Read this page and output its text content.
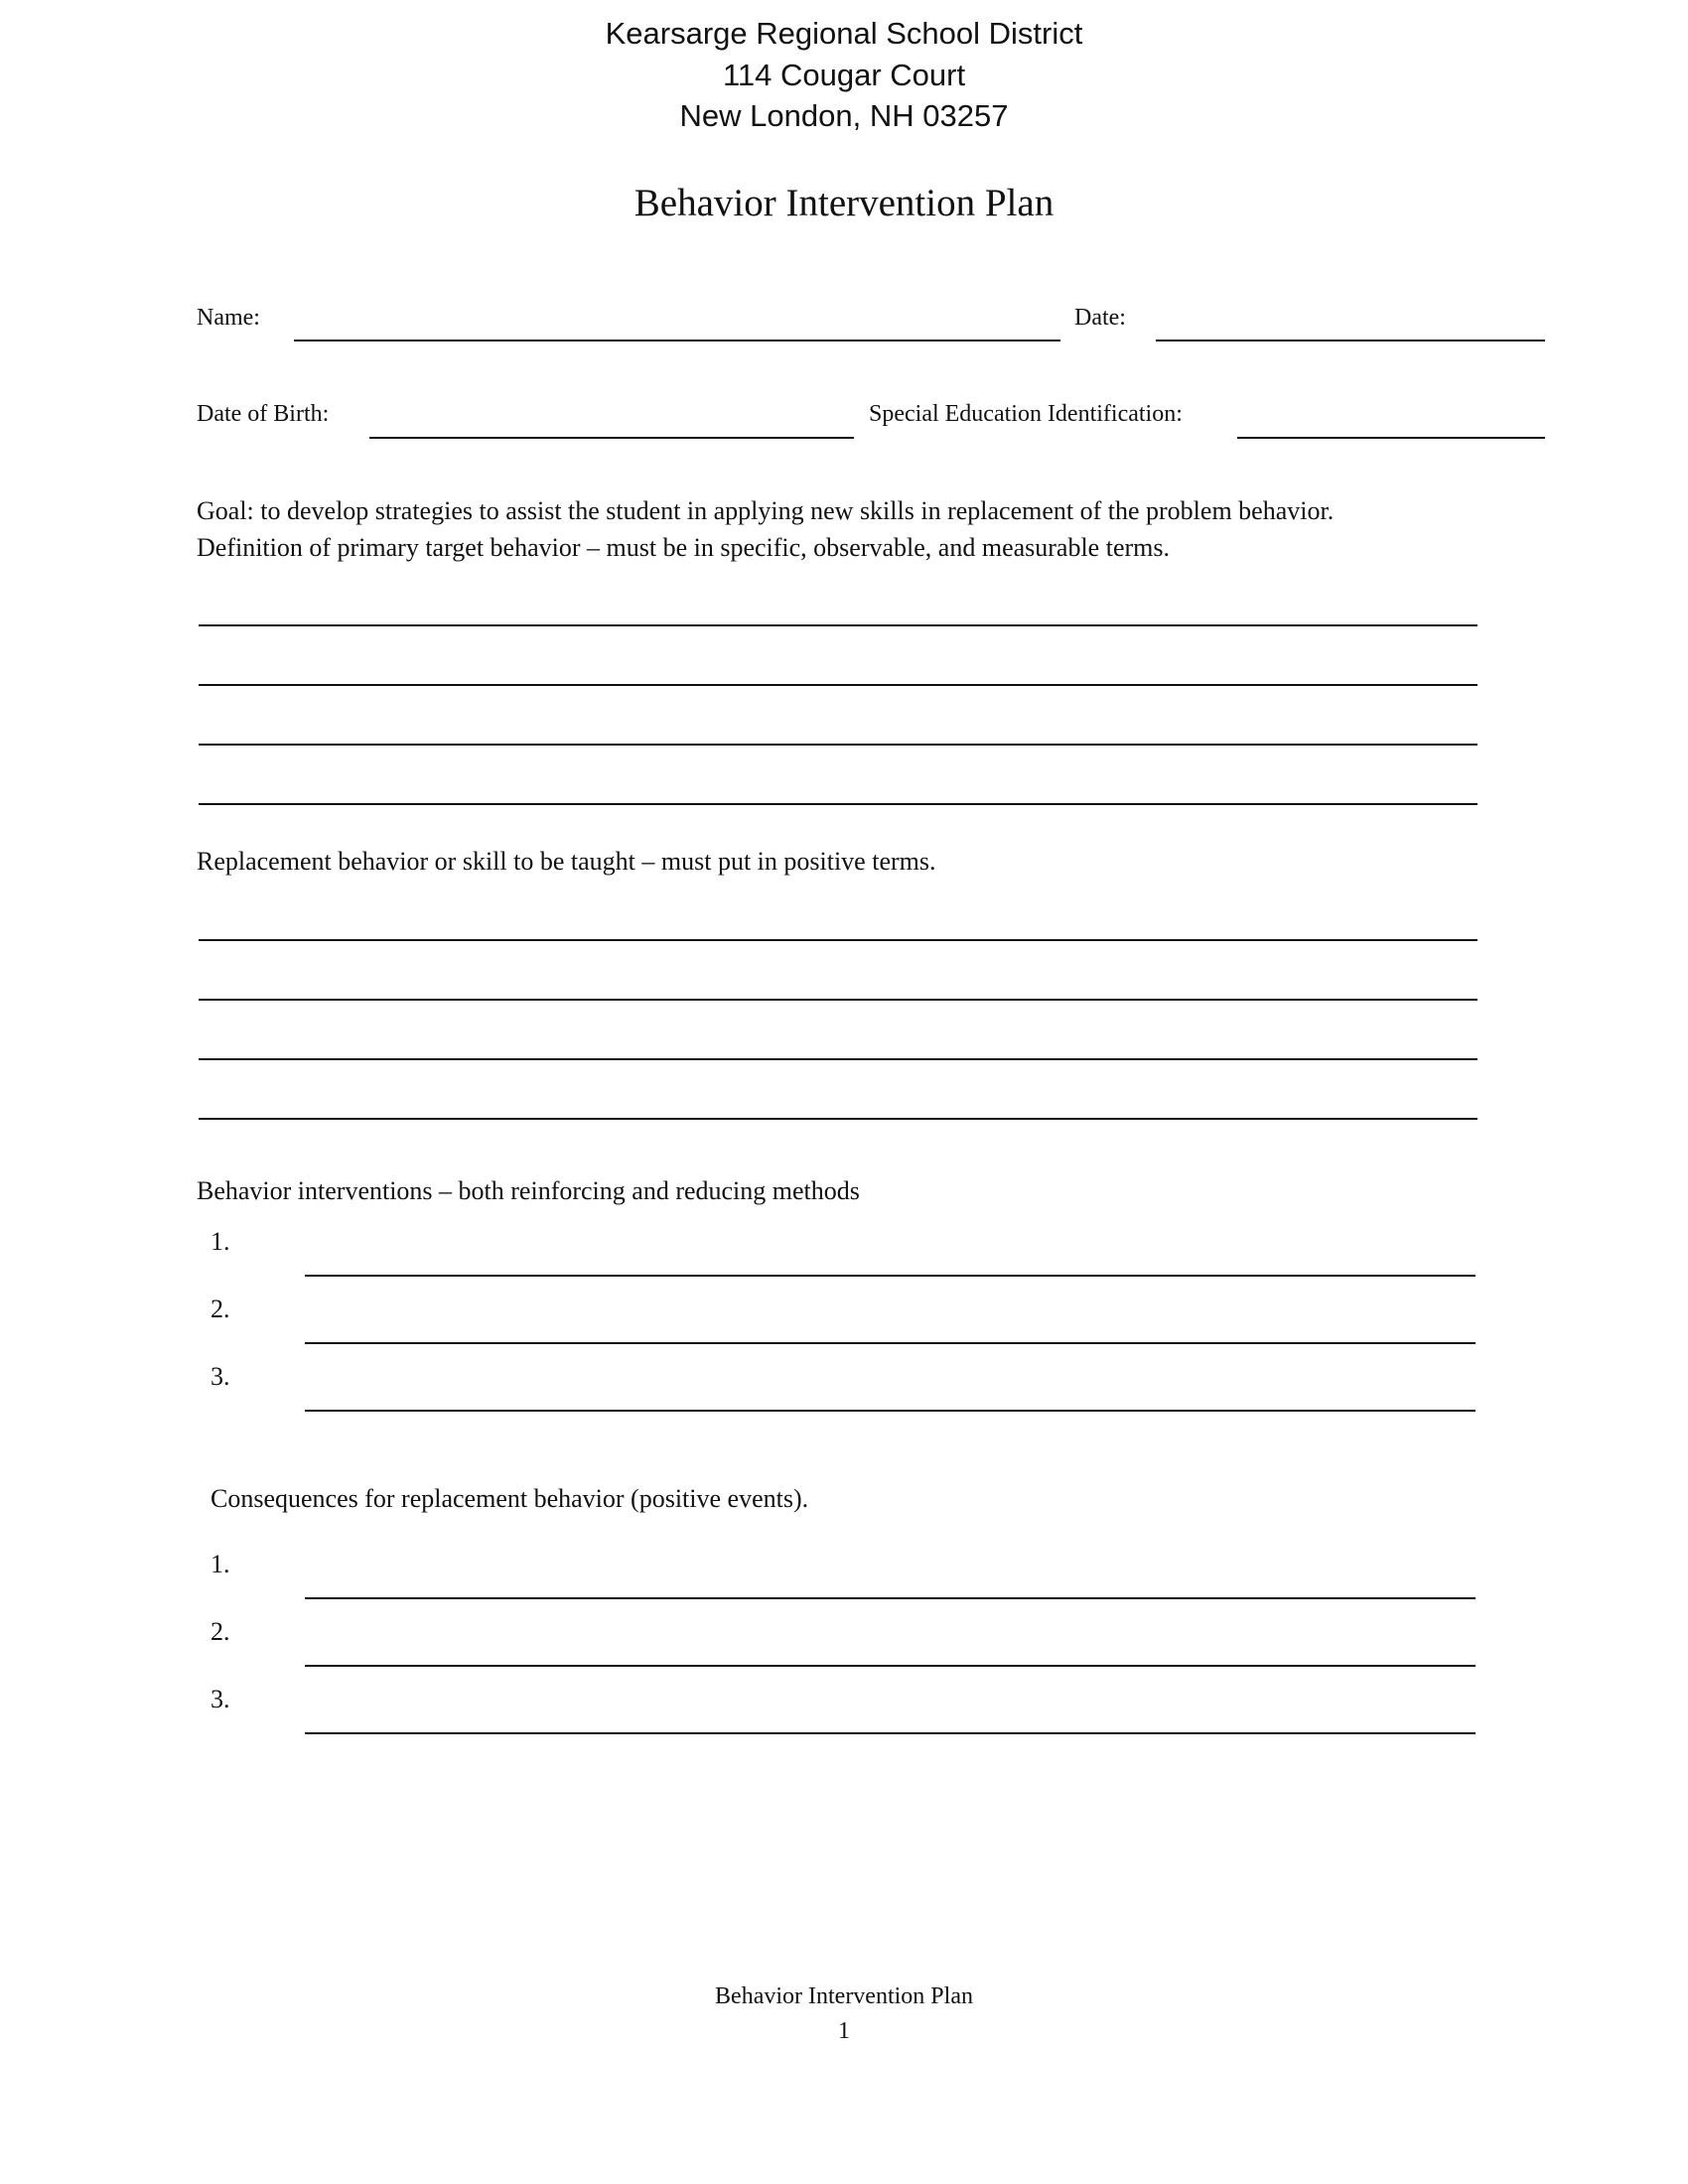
Kearsarge Regional School District
114 Cougar Court
New London, NH 03257
Behavior Intervention Plan
Name:	Date:
Date of Birth:	Special Education Identification:
Goal: to develop strategies to assist the student in applying new skills in replacement of the problem behavior.
Definition of primary target behavior – must be in specific, observable, and measurable terms.
Replacement behavior or skill to be taught – must put in positive terms.
Behavior interventions – both reinforcing and reducing methods
1.
2.
3.
Consequences for replacement behavior (positive events).
1.
2.
3.
Behavior Intervention Plan
1
